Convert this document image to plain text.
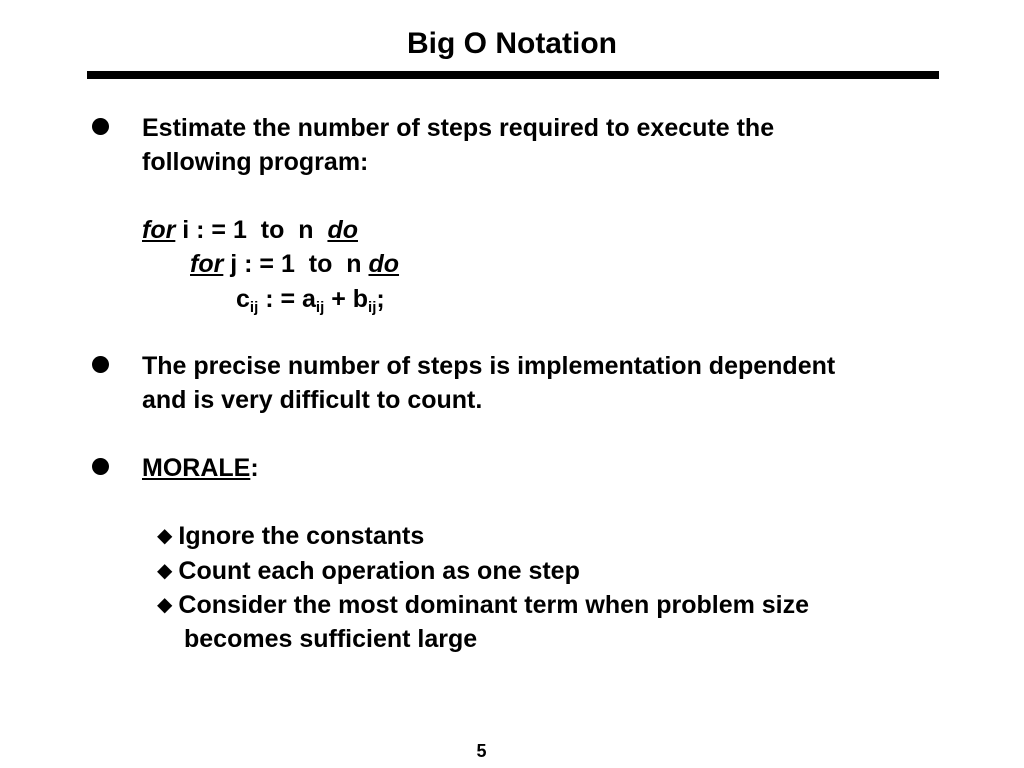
Big O Notation
Estimate the number of steps required to execute the
following program:
for i : = 1  to  n  do
for j : = 1  to  n do
$c_{ij}$ : = $a_{ij} + b_{ij}$;
The precise number of steps is implementation dependent
and is very difficult to count.
MORALE:
◆ Ignore the constants
◆ Count each operation as one step
◆ Consider the most dominant term when problem size
becomes sufficient large
5
